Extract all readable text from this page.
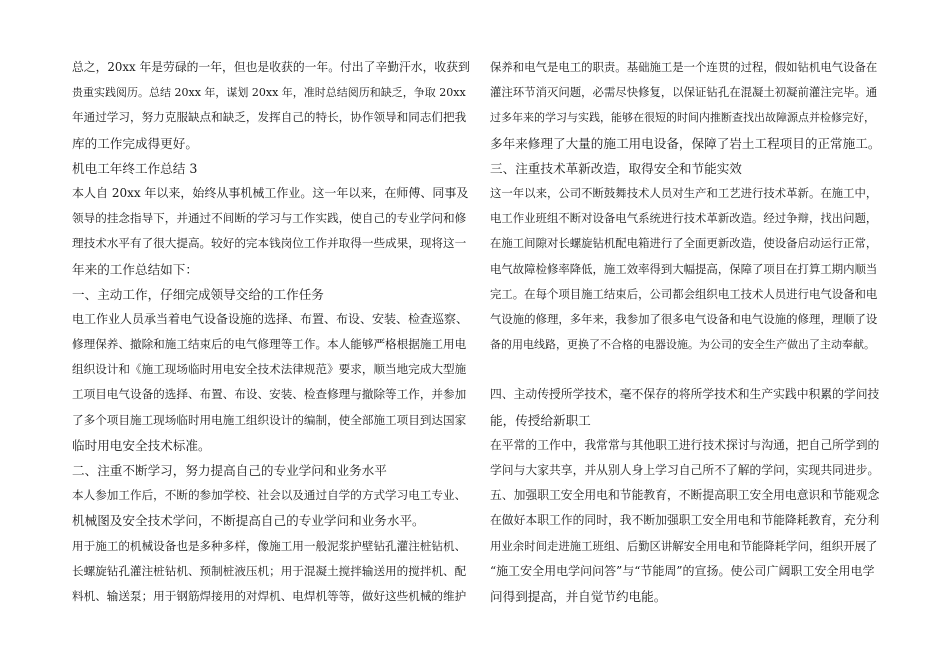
总之，20xx 年是劳碌的一年，但也是收获的一年。付出了辛勤汗水，收获到
贵重实践阅历。总结 20xx 年，谋划 20xx 年，准时总结阅历和缺乏，争取 20xx
年通过学习，努力克服缺点和缺乏，发挥自己的特长，协作领导和同志们把我
库的工作完成得更好。
机电工年终工作总结 3
本人自 20xx 年以来，始终从事机械工作业。这一年以来，在师傅、同事及
领导的挂念指导下，并通过不间断的学习与工作实践，使自己的专业学问和修
理技术水平有了很大提高。较好的完本钱岗位工作并取得一些成果，现将这一
年来的工作总结如下：
一、主动工作，仔细完成领导交给的工作任务
电工作业人员承当着电气设备设施的选择、布置、布设、安装、检查巡察、
修理保养、撤除和施工结束后的电气修理等工作。本人能够严格根据施工用电
组织设计和《施工现场临时用电安全技术法律规范》要求，顺当地完成大型施
工项目电气设备的选择、布置、布设、安装、检查修理与撤除等工作，并参加
了多个项目施工现场临时用电施工组织设计的编制，使全部施工项目到达国家
临时用电安全技术标准。
二、注重不断学习，努力提高自己的专业学问和业务水平
本人参加工作后，不断的参加学校、社会以及通过自学的方式学习电工专业、
机械图及安全技术学问，不断提高自己的专业学问和业务水平。
用于施工的机械设备也是多种多样，像施工用一般泥浆护壁钻孔灌注桩钻机、
长螺旋钻孔灌注桩钻机、预制桩液压机；用于混凝土搅拌输送用的搅拌机、配
料机、输送泵；用于钢筋焊接用的对焊机、电焊机等等，做好这些机械的维护
保养和电气是电工的职责。基础施工是一个连贯的过程，假如钻机电气设备在
灌注环节消灭问题，必需尽快修复，以保证钻孔在混凝土初凝前灌注完毕。通
过多年来的学习与实践，能够在很短的时间内推断查找出故障源点并检修完好，
多年来修理了大量的施工用电设备，保障了岩土工程项目的正常施工。
三、注重技术革新改造，取得安全和节能实效
这一年以来，公司不断鼓舞技术人员对生产和工艺进行技术革新。在施工中，
电工作业班组不断对设备电气系统进行技术革新改造。经过争辩，找出问题，
在施工间隙对长螺旋钻机配电箱进行了全面更新改造，使设备启动运行正常，
电气故障检修率降低，施工效率得到大幅提高，保障了项目在打算工期内顺当
完工。在每个项目施工结束后，公司都会组织电工技术人员进行电气设备和电
气设施的修理，多年来，我参加了很多电气设备和电气设施的修理，理顺了设
备的用电线路，更换了不合格的电器设施。为公司的安全生产做出了主动奉献。
四、主动传授所学技术，毫不保存的将所学技术和生产实践中积累的学问技
能，传授给新职工
在平常的工作中，我常常与其他职工进行技术探讨与沟通，把自己所学到的
学问与大家共享，并从别人身上学习自己所不了解的学问，实现共同进步。
五、加强职工安全用电和节能教育，不断提高职工安全用电意识和节能观念
在做好本职工作的同时，我不断加强职工安全用电和节能降耗教育，充分利
用业余时间走进施工班组、后勤区讲解安全用电和节能降耗学问，组织开展了
“施工安全用电学问问答”与“节能周”的宣扬。使公司广阔职工安全用电学
问得到提高，并自觉节约电能。
